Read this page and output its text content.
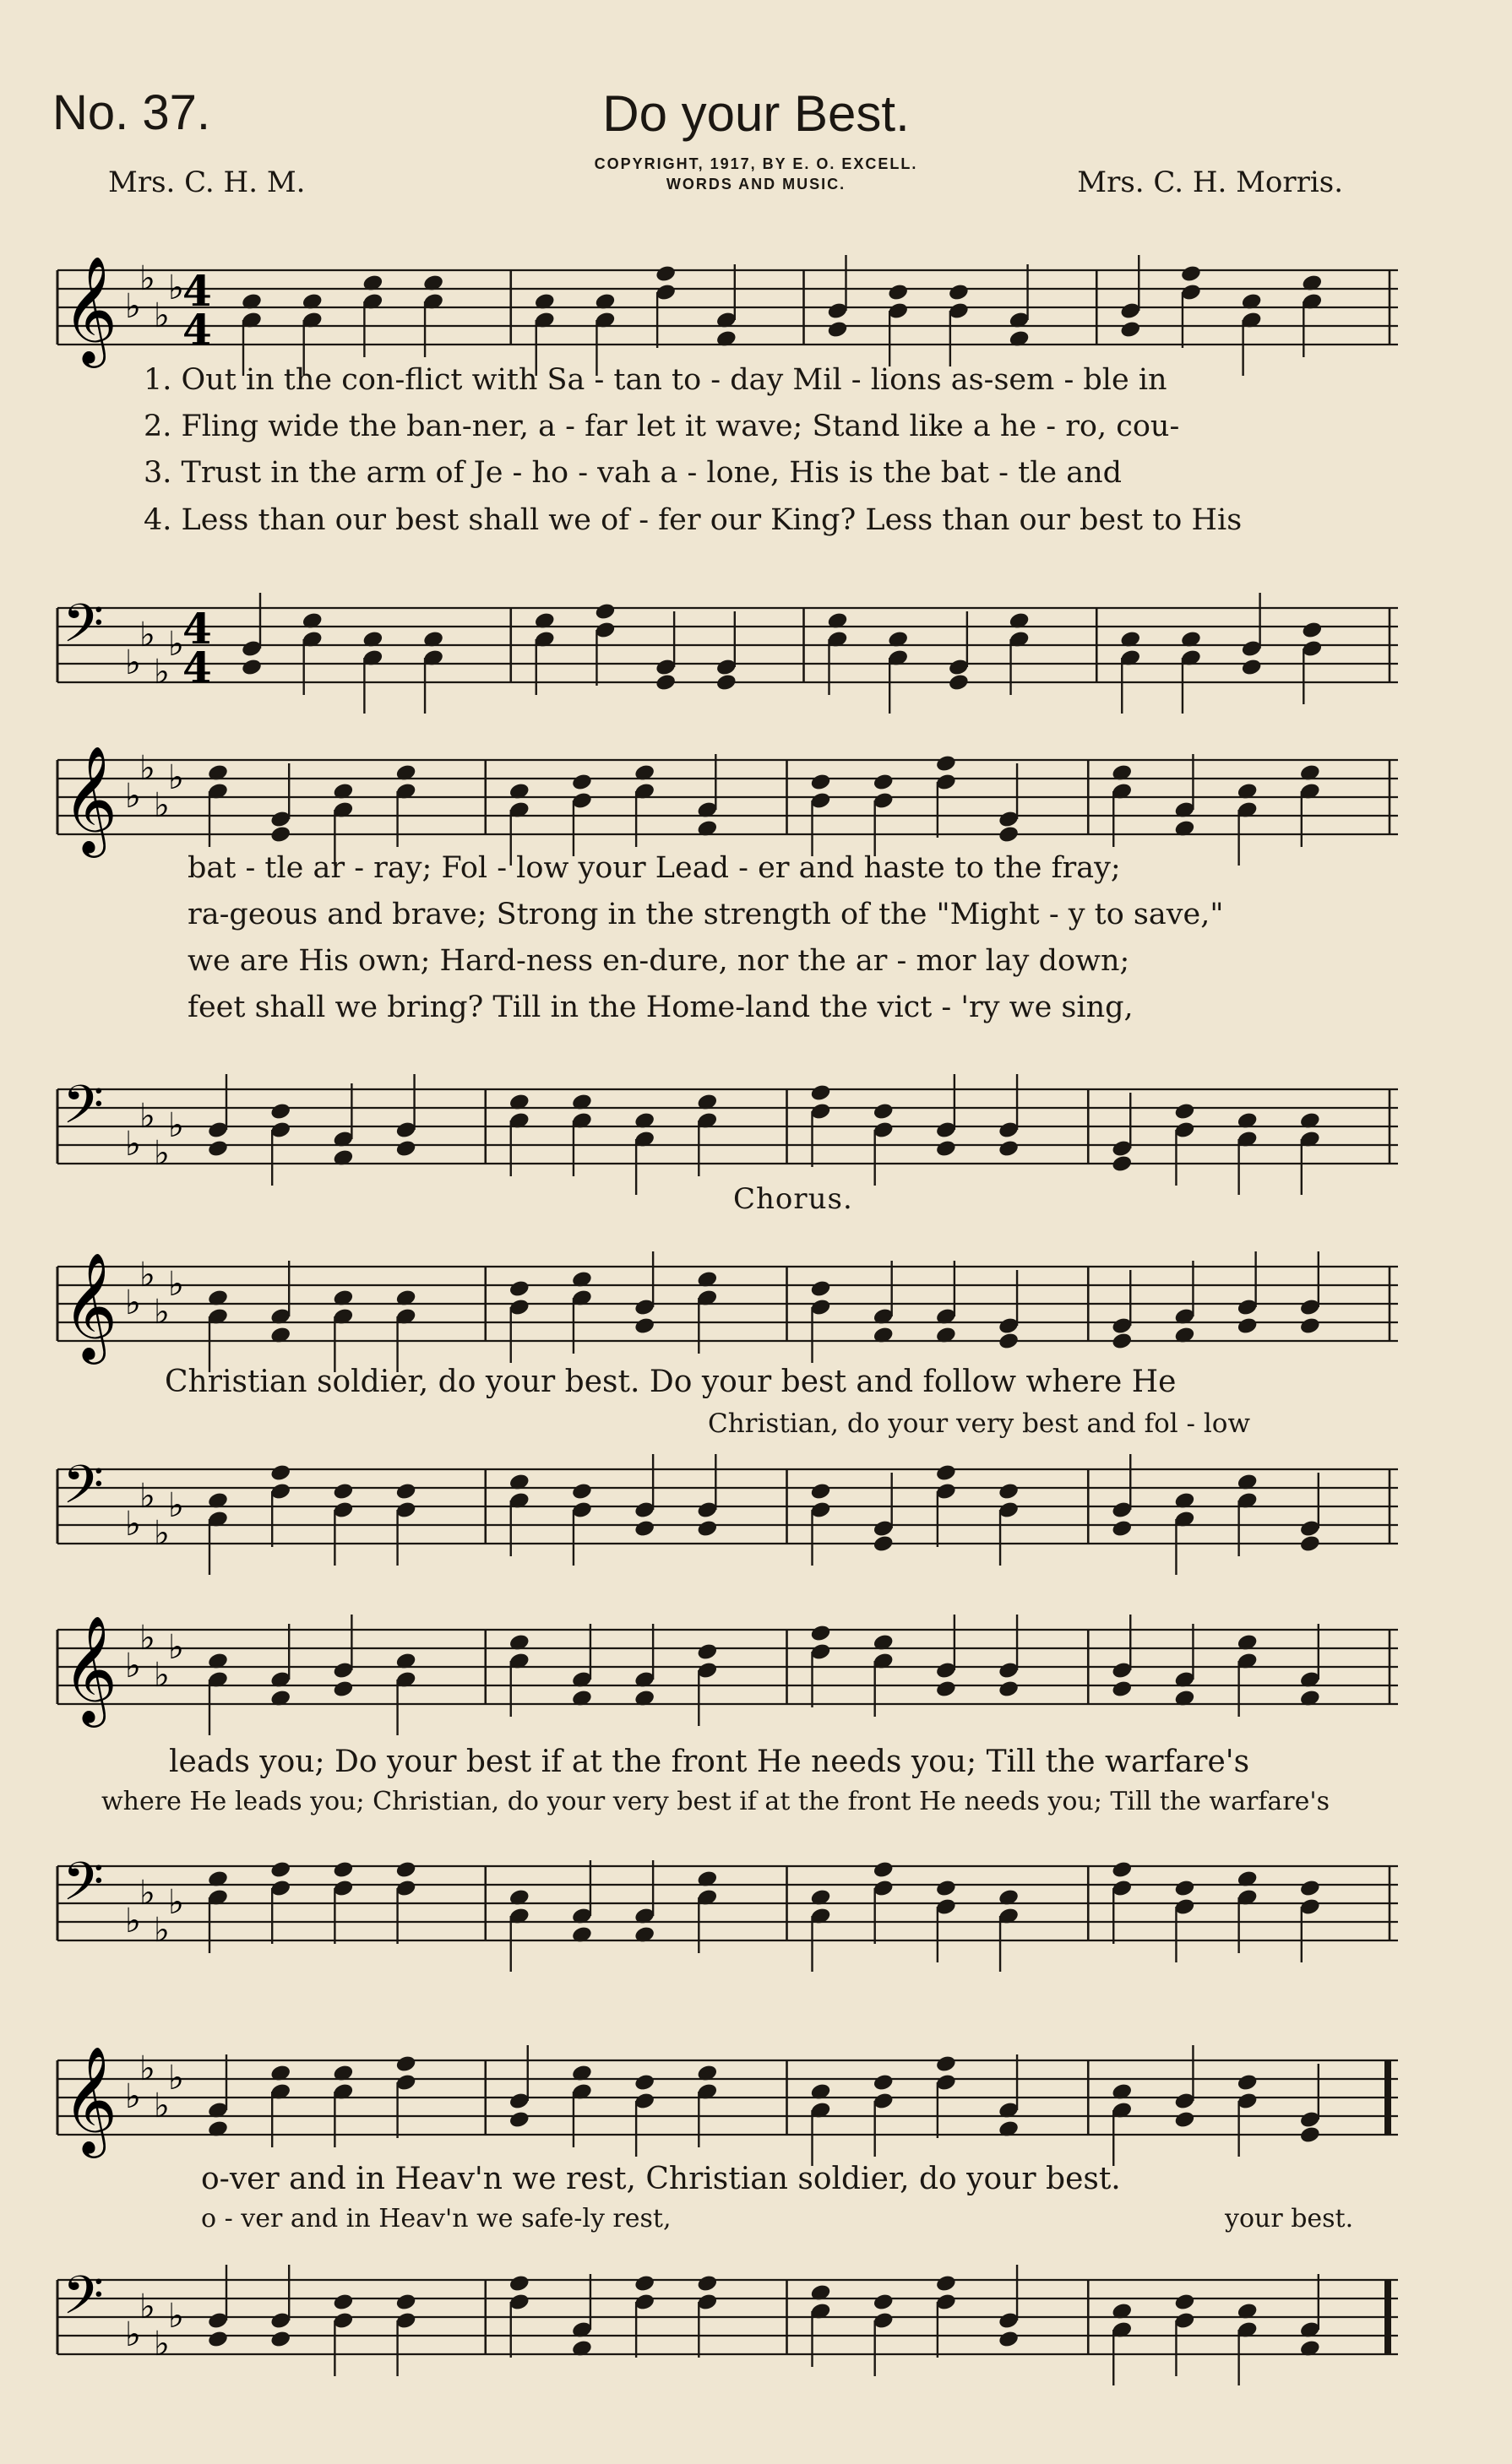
No. 37.	Do your Best.
Mrs. C. H. M.
COPYRIGHT, 1917, BY E. O. EXCELL.
WORDS AND MUSIC.	Mrs. C. H. Morris.
𝄞 ♭
♭
♭
♭
4
4
1. Out in the con-flict with Sa - tan to - day Mil - lions as-sem - ble in
2. Fling wide the ban-ner, a - far let it wave; Stand like a he - ro, cou-
3. Trust in the arm of Je - ho - vah a - lone, His is the bat - tle and
4. Less than our best shall we of - fer our King? Less than our best to His
𝄢 ♭
♭
♭
♭
4
4
𝄞 ♭
♭
♭
♭
bat - tle ar - ray; Fol - low your Lead - er and haste to the fray;
ra-geous and brave; Strong in the strength of the "Might - y to save,"
we are His own; Hard-ness en-dure, nor the ar - mor lay down;
feet shall we bring? Till in the Home-land the vict - 'ry we sing,
𝄢 ♭
♭
♭
♭
Chorus.
𝄞 ♭
♭
♭
♭
Christian soldier, do your best. Do your best and follow where He
Christian, do your very best and fol - low
𝄢 ♭
♭
♭
♭
𝄞 ♭
♭
♭
♭
leads you; Do your best if at the front He needs you; Till the warfare's
where He leads you; Christian, do your very best if at the front He needs you; Till the warfare's
𝄢 ♭
♭
♭
♭
𝄞 ♭
♭
♭
♭
o-ver and in Heav'n we rest, Christian soldier, do your best.
o - ver and in Heav'n we safe-ly rest,	your best.
𝄢 ♭
♭
♭
♭
